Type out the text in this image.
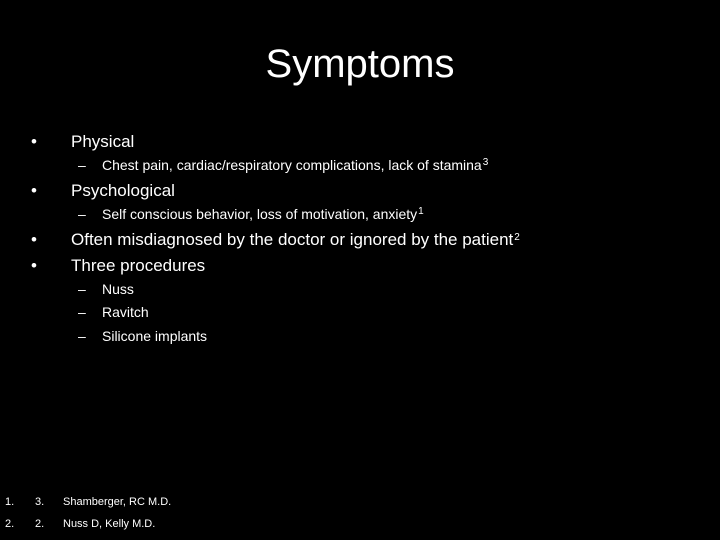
Symptoms
• Physical
– Chest pain, cardiac/respiratory complications, lack of stamina$^3$
• Psychological
– Self conscious behavior, loss of motivation, anxiety$^1$
• Often misdiagnosed by the doctor or ignored by the patient$^2$
• Three procedures
– Nuss
– Ravitch
– Silicone implants
1. 3. Shamberger, RC M.D.
2. 2. Nuss D, Kelly M.D.
